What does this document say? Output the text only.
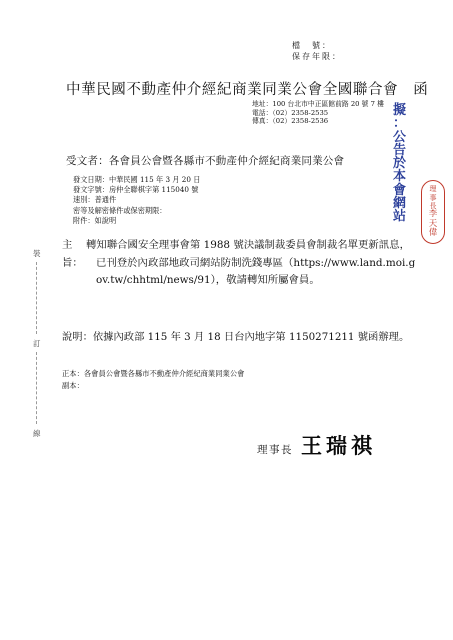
檔　號：
保存年限：
中華民國不動產仲介經紀商業同業公會全國聯合會　函
地址：100 台北市中正區館前路 20 號 7 樓
電話：（02）2358-2535
傳真：（02）2358-2536
擬
：
公
告
於
本
會
網
站
理
事
長
李
天
偉
受文者：各會員公會暨各縣市不動產仲介經紀商業同業公會
發文日期：中華民國 115 年 3 月 20 日
發文字號：房仲全聯棋字第 115040 號
速別：普通件
密等及解密條件或保密期限：
附件：如說明
裝
訂
線
主旨：
轉知聯合國安全理事會第 1988 號決議制裁委員會制裁名單更新訊息，已刊登於內政部地政司網站防制洗錢專區（https://www.land.moi.gov.tw/chhtml/news/91），敬請轉知所屬會員。
說明： 依據內政部 115 年 3 月 18 日台內地字第 1150271211 號函辦理。
正本：各會員公會暨各縣市不動產仲介經紀商業同業公會
副本：
理事長 王瑞祺
